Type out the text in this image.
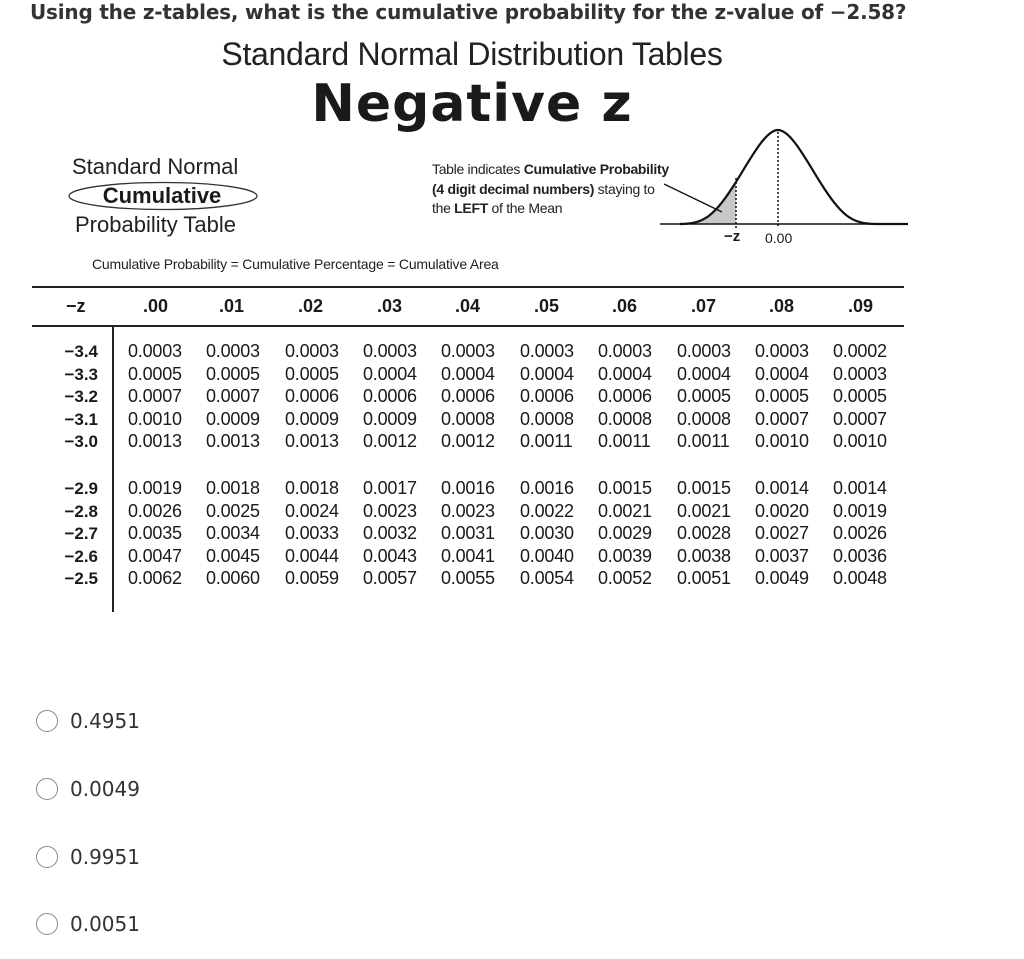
Using the z-tables, what is the cumulative probability for the z-value of −2.58?
Standard Normal Distribution Tables
Negative z
Standard Normal
Cumulative
Probability Table
Table indicates Cumulative Probability
(4 digit decimal numbers) staying to
the LEFT of the Mean
−z 0.00
Cumulative Probability = Cumulative Percentage = Cumulative Area
−z	.00	.01	.02	.03	.04	.05	.06	.07	.08	.09
−3.4 0.0003 0.0003 0.0003 0.0003 0.0003 0.0003 0.0003 0.0003 0.0003 0.0002
−3.3 0.0005 0.0005 0.0005 0.0004 0.0004 0.0004 0.0004 0.0004 0.0004 0.0003
−3.2 0.0007 0.0007 0.0006 0.0006 0.0006 0.0006 0.0006 0.0005 0.0005 0.0005
−3.1 0.0010 0.0009 0.0009 0.0009 0.0008 0.0008 0.0008 0.0008 0.0007 0.0007
−3.0 0.0013 0.0013 0.0013 0.0012 0.0012 0.0011 0.0011 0.0011 0.0010 0.0010
−2.9 0.0019 0.0018 0.0018 0.0017 0.0016 0.0016 0.0015 0.0015 0.0014 0.0014
−2.8 0.0026 0.0025 0.0024 0.0023 0.0023 0.0022 0.0021 0.0021 0.0020 0.0019
−2.7 0.0035 0.0034 0.0033 0.0032 0.0031 0.0030 0.0029 0.0028 0.0027 0.0026
−2.6 0.0047 0.0045 0.0044 0.0043 0.0041 0.0040 0.0039 0.0038 0.0037 0.0036
−2.5 0.0062 0.0060 0.0059 0.0057 0.0055 0.0054 0.0052 0.0051 0.0049 0.0048
0.4951
0.0049
0.9951
0.0051
